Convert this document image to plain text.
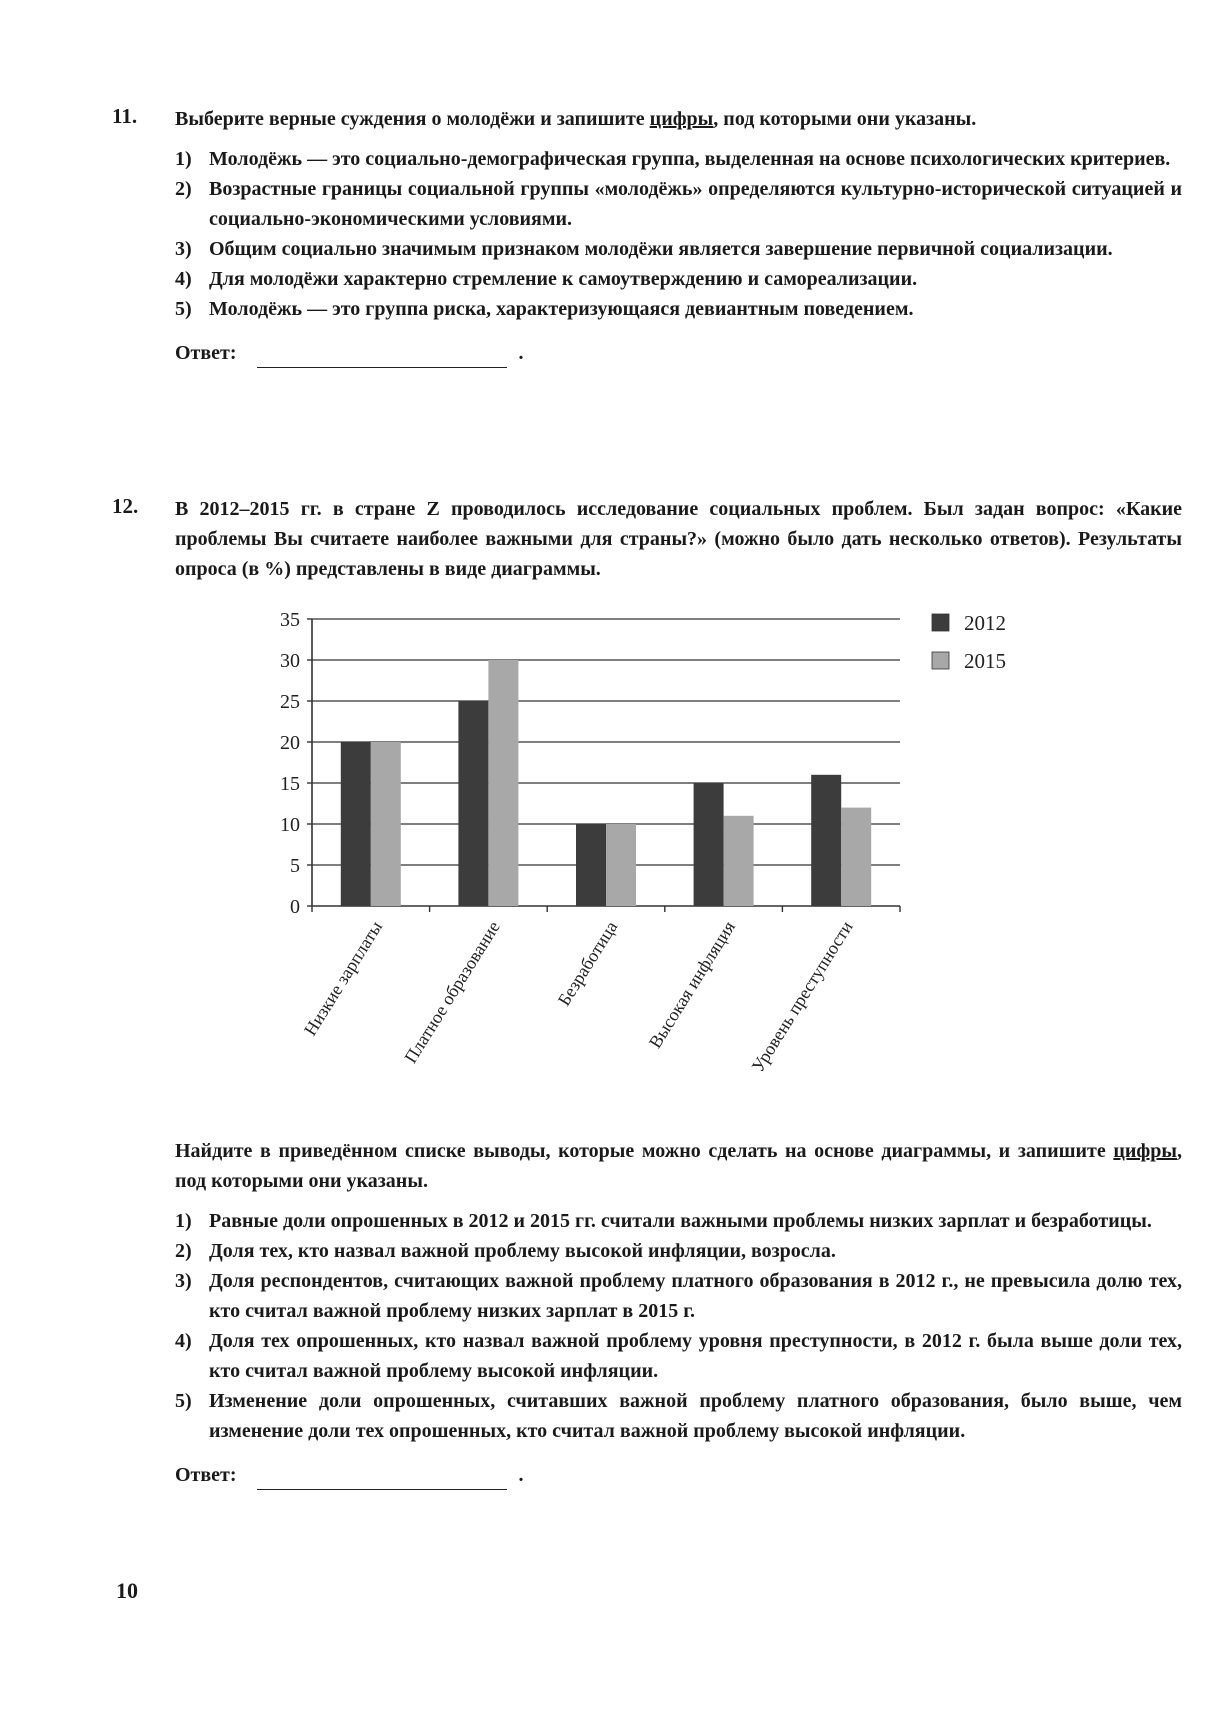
11. Выберите верные суждения о молодёжи и запишите цифры, под которыми они указаны.
1) Молодёжь — это социально-демографическая группа, выделенная на основе психологических критериев.
2) Возрастные границы социальной группы «молодёжь» определяются культурно-исторической ситуацией и социально-экономическими условиями.
3) Общим социально значимым признаком молодёжи является завершение первичной социализации.
4) Для молодёжи характерно стремление к самоутверждению и самореализации.
5) Молодёжь — это группа риска, характеризующаяся девиантным поведением.
Ответ:	.
12. В 2012–2015 гг. в стране Z проводилось исследование социальных проблем. Был задан вопрос: «Какие проблемы Вы считаете наиболее важными для страны?» (можно было дать несколько ответов). Результаты опроса (в %) представлены в виде диаграммы.
0
5
10
15
20
25
30
35
Низкие зарплаты Платное образование	Безработица Высокая инфляция Уровень преступности
2012
2015
Найдите в приведённом списке выводы, которые можно сделать на основе диаграммы, и запишите цифры, под которыми они указаны.
1) Равные доли опрошенных в 2012 и 2015 гг. считали важными проблемы низких зарплат и безработицы.
2) Доля тех, кто назвал важной проблему высокой инфляции, возросла.
3) Доля респондентов, считающих важной проблему платного образования в 2012 г., не превысила долю тех, кто считал важной проблему низких зарплат в 2015 г.
4) Доля тех опрошенных, кто назвал важной проблему уровня преступности, в 2012 г. была выше доли тех, кто считал важной проблему высокой инфляции.
5) Изменение доли опрошенных, считавших важной проблему платного образования, было выше, чем изменение доли тех опрошенных, кто считал важной проблему высокой инфляции.
Ответ:	.
10
